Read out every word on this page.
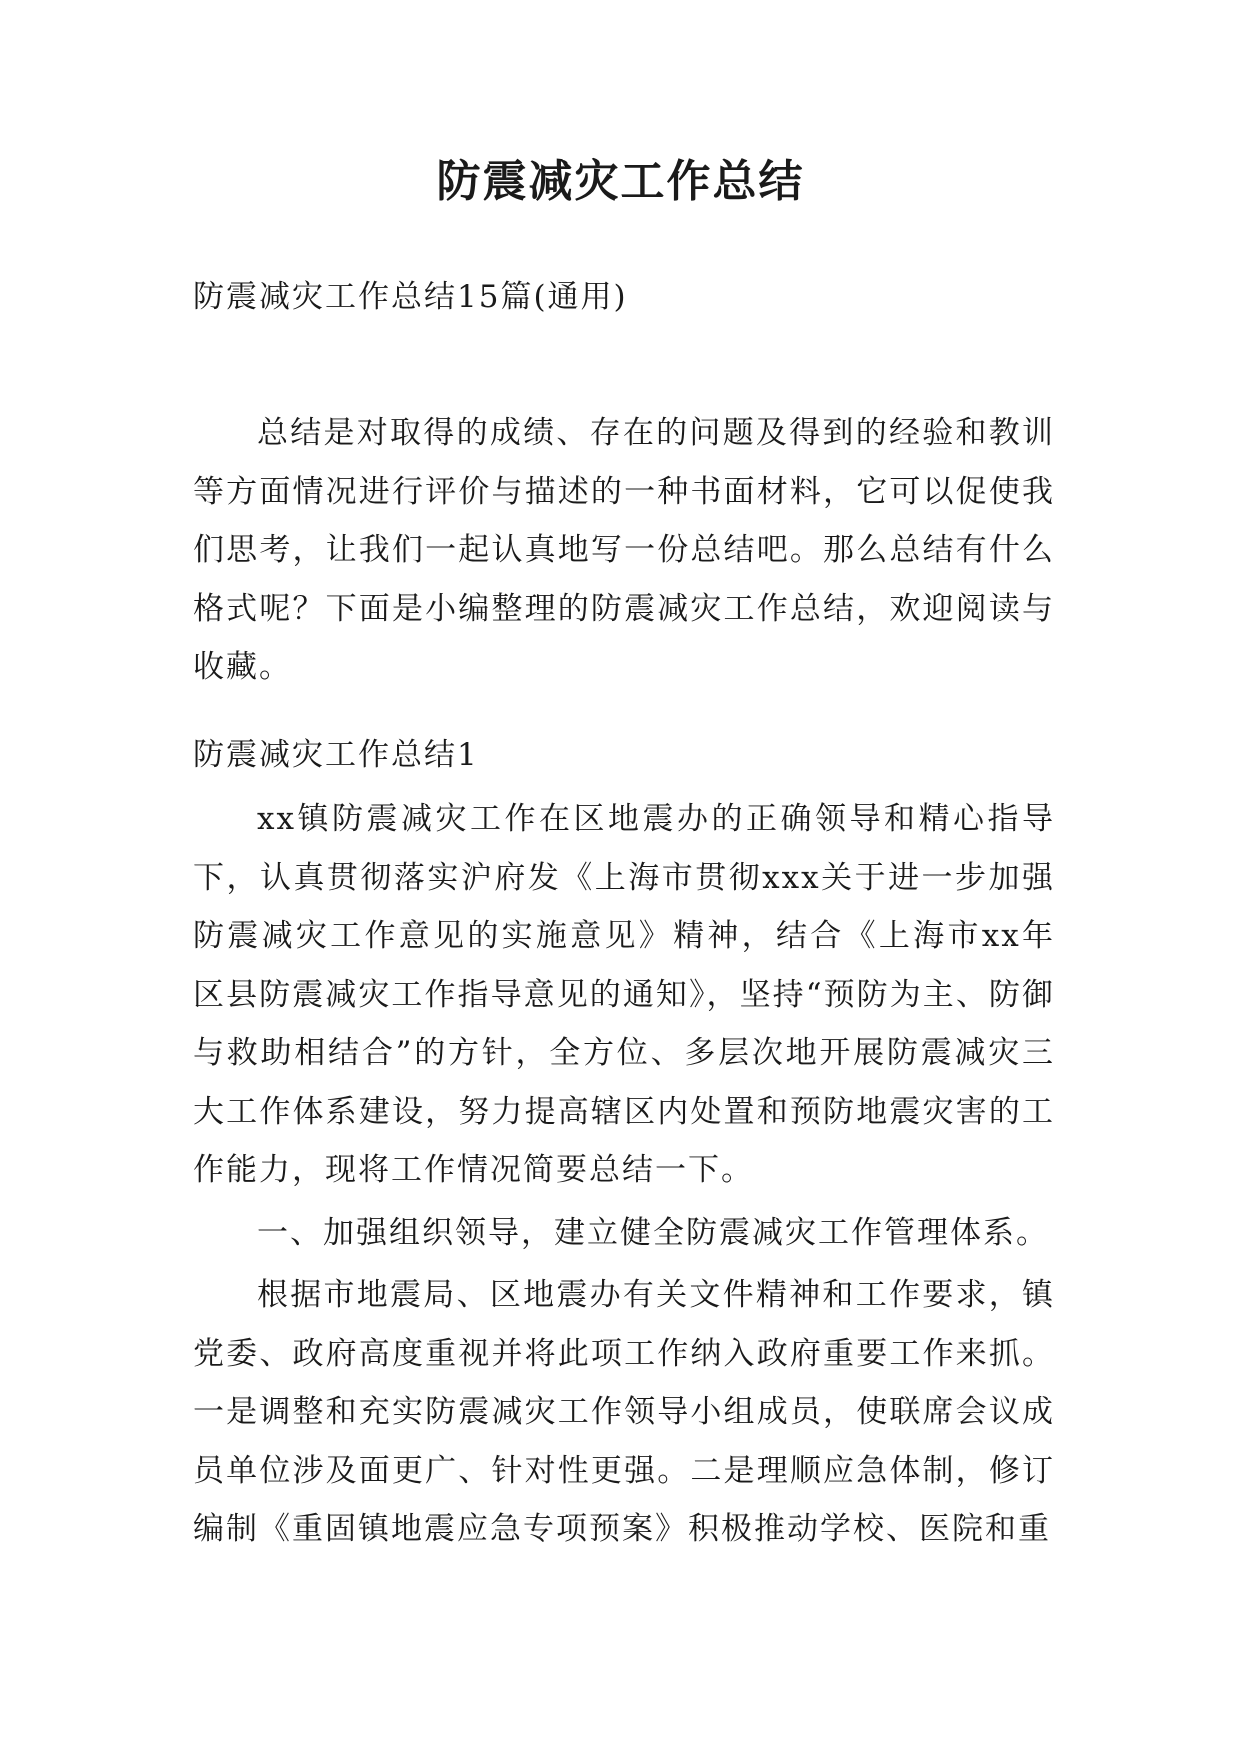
防震减灾工作总结

防震减灾工作总结15篇(通用)

总结是对取得的成绩、存在的问题及得到的经验和教训等方面情况进行评价与描述的一种书面材料，它可以促使我们思考，让我们一起认真地写一份总结吧。那么总结有什么格式呢？下面是小编整理的防震减灾工作总结，欢迎阅读与收藏。

防震减灾工作总结1

xx镇防震减灾工作在区地震办的正确领导和精心指导下，认真贯彻落实沪府发《上海市贯彻xxx关于进一步加强防震减灾工作意见的实施意见》精神，结合《上海市xx年区县防震减灾工作指导意见的通知》，坚持“预防为主、防御与救助相结合”的方针，全方位、多层次地开展防震减灾三大工作体系建设，努力提高辖区内处置和预防地震灾害的工作能力，现将工作情况简要总结一下。

一、加强组织领导，建立健全防震减灾工作管理体系。

根据市地震局、区地震办有关文件精神和工作要求，镇党委、政府高度重视并将此项工作纳入政府重要工作来抓。一是调整和充实防震减灾工作领导小组成员，使联席会议成员单位涉及面更广、针对性更强。二是理顺应急体制，修订编制《重固镇地震应急专项预案》积极推动学校、医院和重
